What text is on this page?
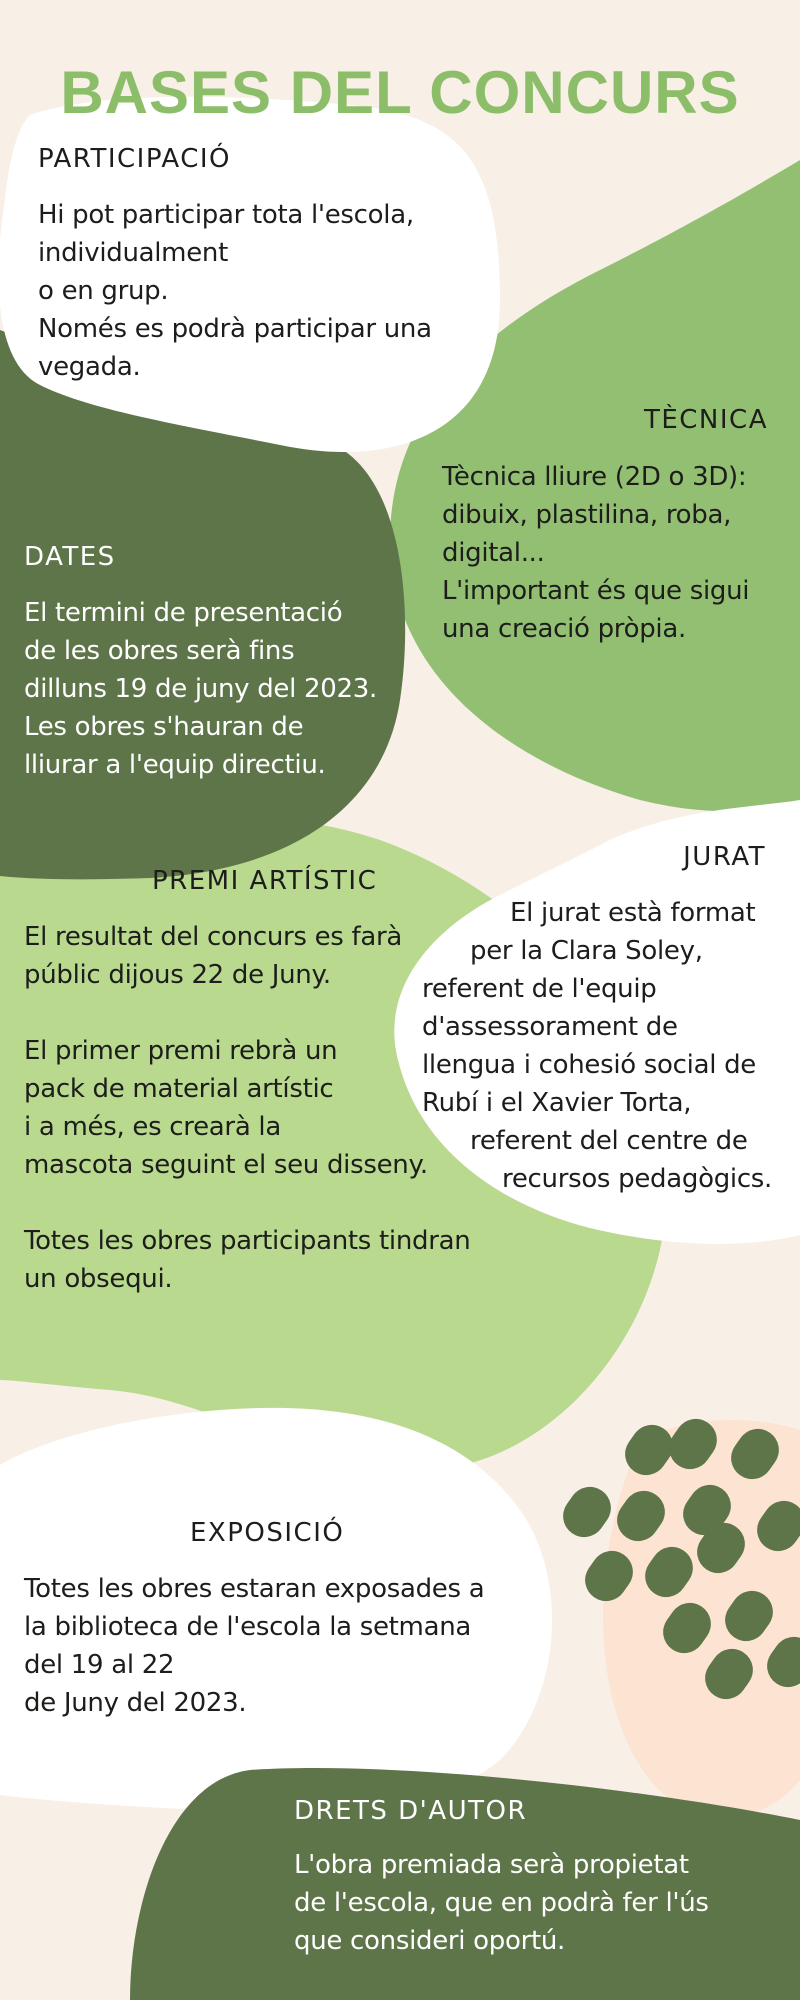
BASES DEL CONCURS
PARTICIPACIÓ
Hi pot participar tota l'escola,
individualment
o en grup.
Només es podrà participar una
vegada.
TÈCNICA
Tècnica lliure (2D o 3D):
dibuix, plastilina, roba,
digital...
L'important és que sigui
una creació pròpia.
DATES
El termini de presentació
de les obres serà fins
dilluns 19 de juny del 2023.
Les obres s'hauran de
lliurar a l'equip directiu.
PREMI ARTÍSTIC
El resultat del concurs es farà
públic dijous 22 de Juny.
El primer premi rebrà un
pack de material artístic
i a més, es crearà la
mascota seguint el seu disseny.
Totes les obres participants tindran
un obsequi.
JURAT
El jurat està format
per la Clara Soley,
referent de l'equip
d'assessorament de
llengua i cohesió social de
Rubí i el Xavier Torta,
referent del centre de
recursos pedagògics.
EXPOSICIÓ
Totes les obres estaran exposades a
la biblioteca de l'escola la setmana
del 19 al 22
de Juny del 2023.
DRETS D'AUTOR
L'obra premiada serà propietat
de l'escola, que en podrà fer l'ús
que consideri oportú.
